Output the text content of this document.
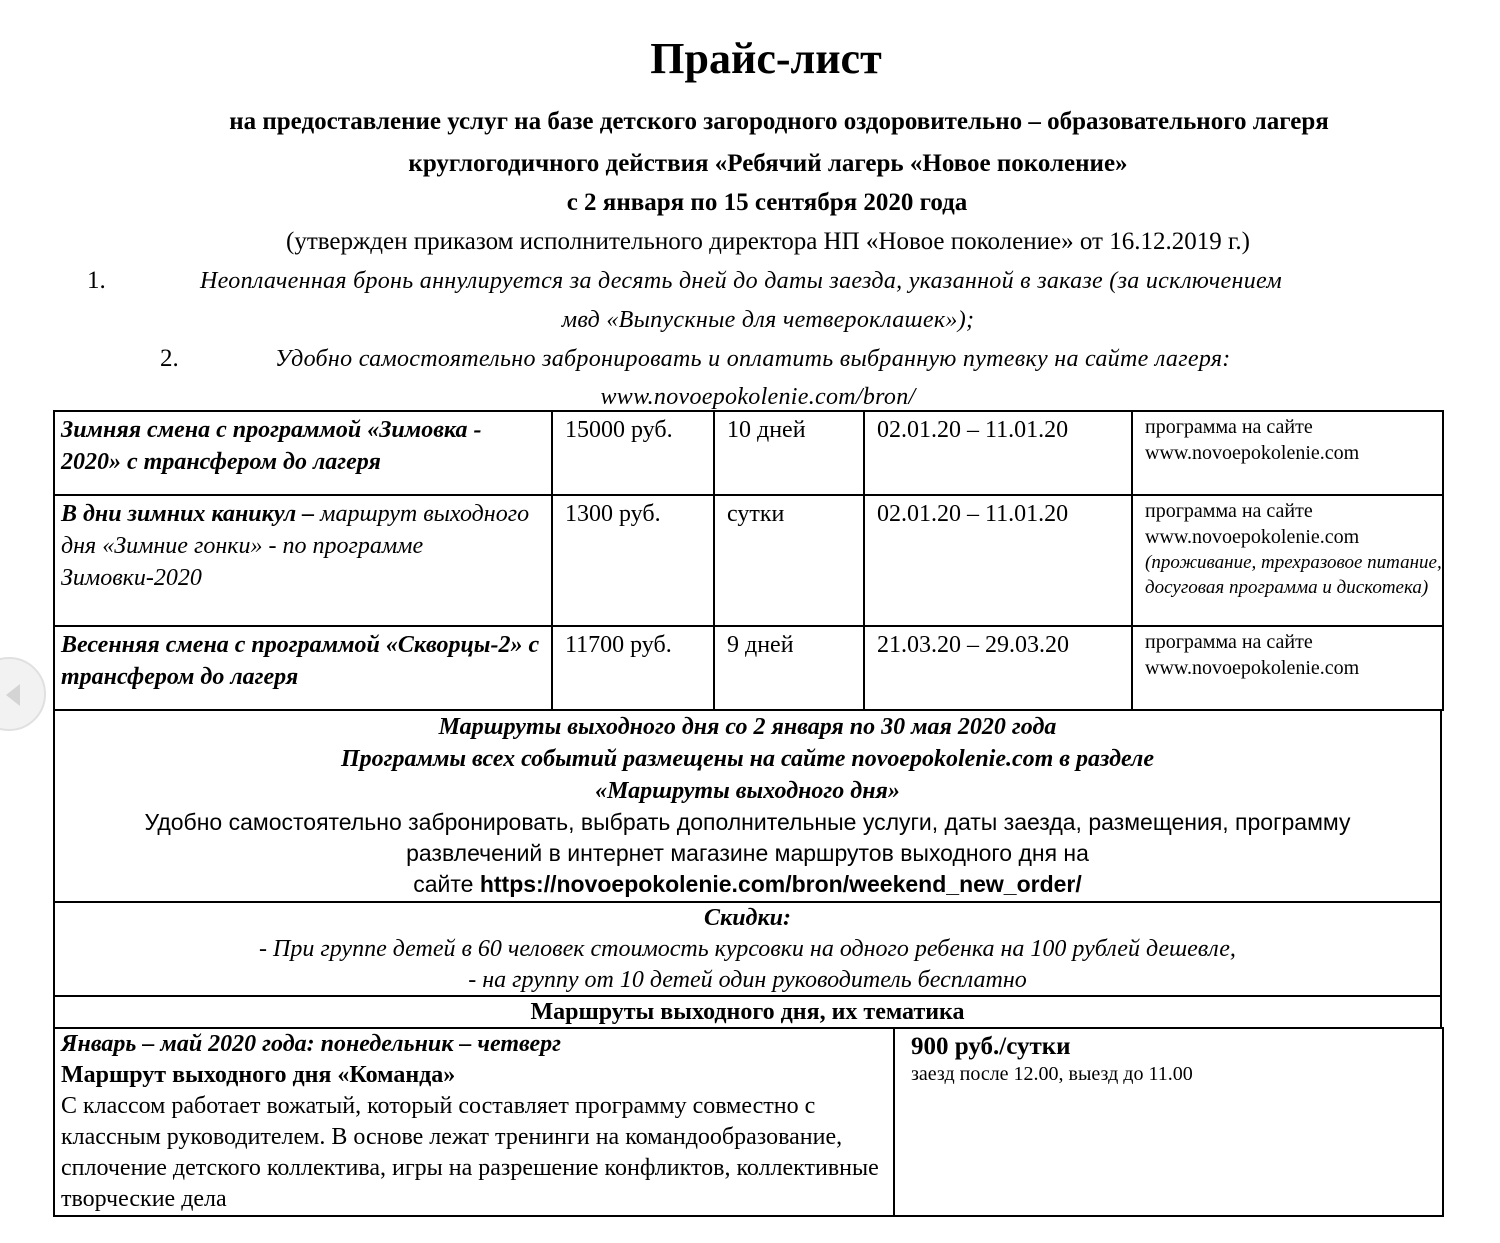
Прайс-лист
на предоставление услуг на базе детского загородного оздоровительно – образовательного лагеря
круглогодичного действия «Ребячий лагерь «Новое поколение»
с 2 января по 15 сентября 2020 года
(утвержден приказом исполнительного директора НП «Новое поколение» от 16.12.2019 г.)
1.	Неоплаченная бронь аннулируется за десять дней до даты заезда, указанной в заказе (за исключением
мвд «Выпускные для четвероклашек»);
2.	Удобно самостоятельно забронировать и оплатить выбранную путевку на сайте лагеря:
www.novoepokolenie.com/bron/
Зимняя смена с программой «Зимовка - 2020» с трансфером до лагеря	15000 руб.	10 дней	02.01.20 – 11.01.20	программа на сайте www.novoepokolenie.com

В дни зимних каникул – маршрут выходного дня «Зимние гонки» - по программе Зимовки-2020	1300 руб.	сутки	02.01.20 – 11.01.20	программа на сайте www.novoepokolenie.com
(проживание, трехразовое питание, досуговая программа и дискотека)

Весенняя смена с программой «Скворцы-2» с трансфером до лагеря	11700 руб.	9 дней	21.03.20 – 29.03.20	программа на сайте www.novoepokolenie.com
Маршруты выходного дня со 2 января по 30 мая 2020 года
Программы всех событий размещены на сайте novoepokolenie.com в разделе
«Маршруты выходного дня»
Удобно самостоятельно забронировать, выбрать дополнительные услуги, даты заезда, размещения, программу
развлечений в интернет магазине маршрутов выходного дня на
сайте https://novoepokolenie.com/bron/weekend_new_order/
Скидки:
- При группе детей в 60 человек стоимость курсовки на одного ребенка на 100 рублей дешевле,
- на группу от 10 детей один руководитель бесплатно
Маршруты выходного дня, их тематика
Январь – май 2020 года: понедельник – четверг
Маршрут выходного дня «Команда»
С классом работает вожатый, который составляет программу совместно с классным руководителем. В основе лежат тренинги на командообразование, сплочение детского коллектива, игры на разрешение конфликтов, коллективные творческие дела

900 руб./сутки
заезд после 12.00, выезд до 11.00
